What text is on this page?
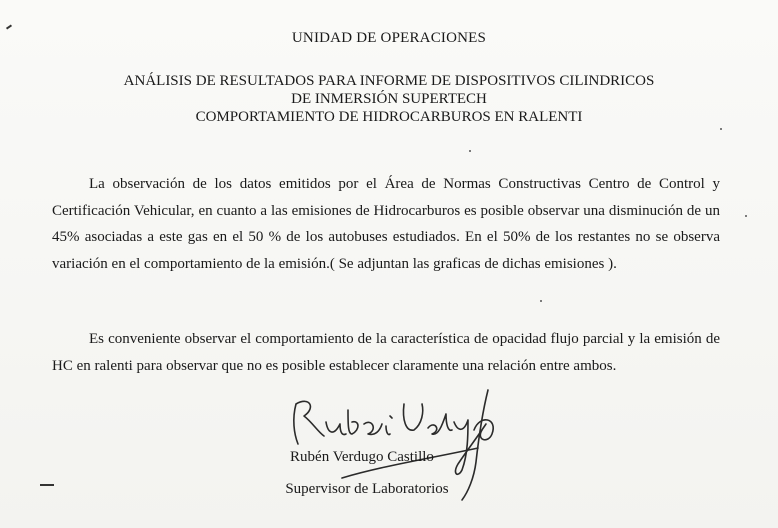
UNIDAD DE OPERACIONES
ANÁLISIS DE RESULTADOS PARA INFORME DE DISPOSITIVOS CILINDRICOS
DE INMERSIÓN SUPERTECH
COMPORTAMIENTO DE HIDROCARBUROS EN RALENTI
La observación de los datos emitidos por el Área de Normas Constructivas Centro de Control y Certificación Vehicular, en cuanto a las emisiones de Hidrocarburos es posible observar una disminución de un 45% asociadas a este gas en el 50 % de los autobuses estudiados. En el 50% de los restantes no se observa variación en el comportamiento de la emisión.( Se adjuntan las graficas de dichas emisiones ).
Es conveniente observar el comportamiento de la característica de opacidad flujo parcial y la emisión de HC en ralenti para observar que no es posible establecer claramente una relación entre ambos.
Rubén Verdugo Castillo
Supervisor de Laboratorios
